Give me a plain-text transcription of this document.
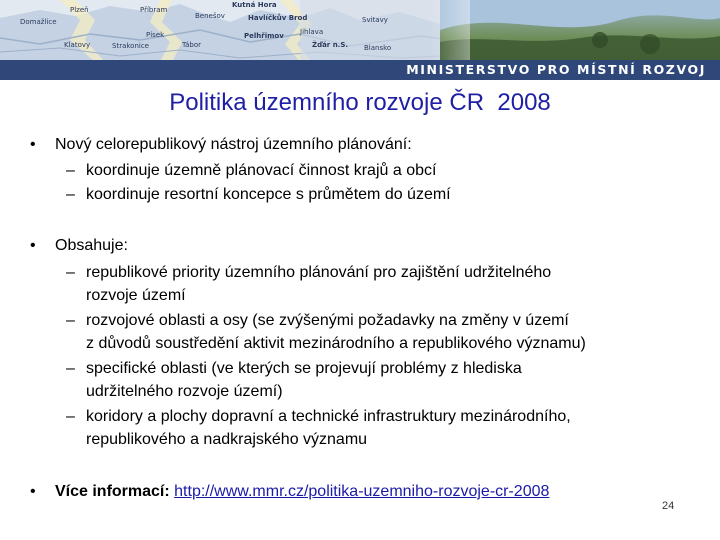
Plzeň	Příbram
Benešov	Havlíčkův Brod
Kutná Hora
Svitavy
Domažlice
Klatovy	Strakonice
Písek
Tábor
Pelhřimov
Žďár n.S. Blansko
Jihlava
MINISTERSTVO PRO MÍSTNÍ ROZVOJ
Politika územního rozvoje ČR  2008
• Nový celorepublikový nástroj územního plánování:
– koordinuje územně plánovací činnost krajů a obcí
– koordinuje resortní koncepce s průmětem do území
• Obsahuje:
– republikové priority územního plánování pro zajištění udržitelného
rozvoje území
– rozvojové oblasti a osy (se zvýšenými požadavky na změny v území
z důvodů soustředění aktivit mezinárodního a republikového významu)
– specifické oblasti (ve kterých se projevují problémy z hlediska
udržitelného rozvoje území)
– koridory a plochy dopravní a technické infrastruktury mezinárodního,
republikového a nadkrajského významu
• Více informací: http://www.mmr.cz/politika-uzemniho-rozvoje-cr-2008
24
